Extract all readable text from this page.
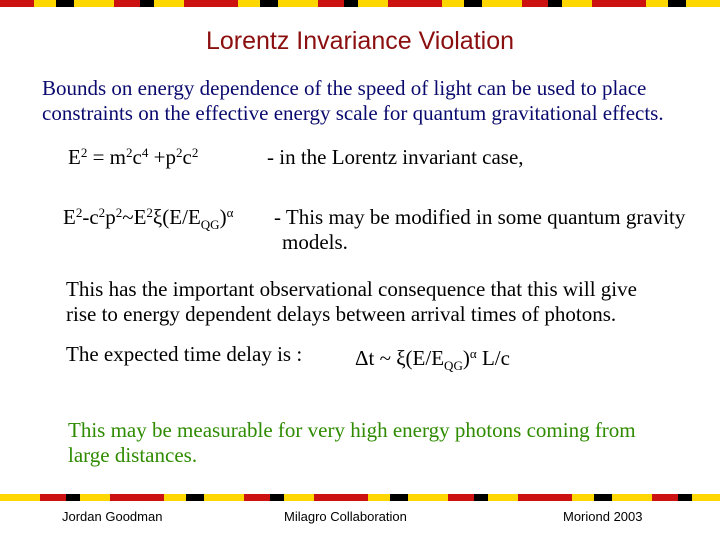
Lorentz Invariance Violation
Bounds on energy dependence of the speed of light can be used to place
constraints on the effective energy scale for quantum gravitational effects.
$E^2 = m^2c^4 +p^2c^2$	- in the Lorentz invariant case,
$E^2-c^2p^2\sim E^2\xi(E/E_{QG})^\alpha$ - This may be modified in some quantum gravity
models.
This has the important observational consequence that this will give
rise to energy dependent delays between arrival times of photons.
The expected time delay is :	Δt ~ $\xi(E/E_{QG})^\alpha$ L/c
This may be measurable for very high energy photons coming from
large distances.
Jordan Goodman	Milagro Collaboration	Moriond 2003
